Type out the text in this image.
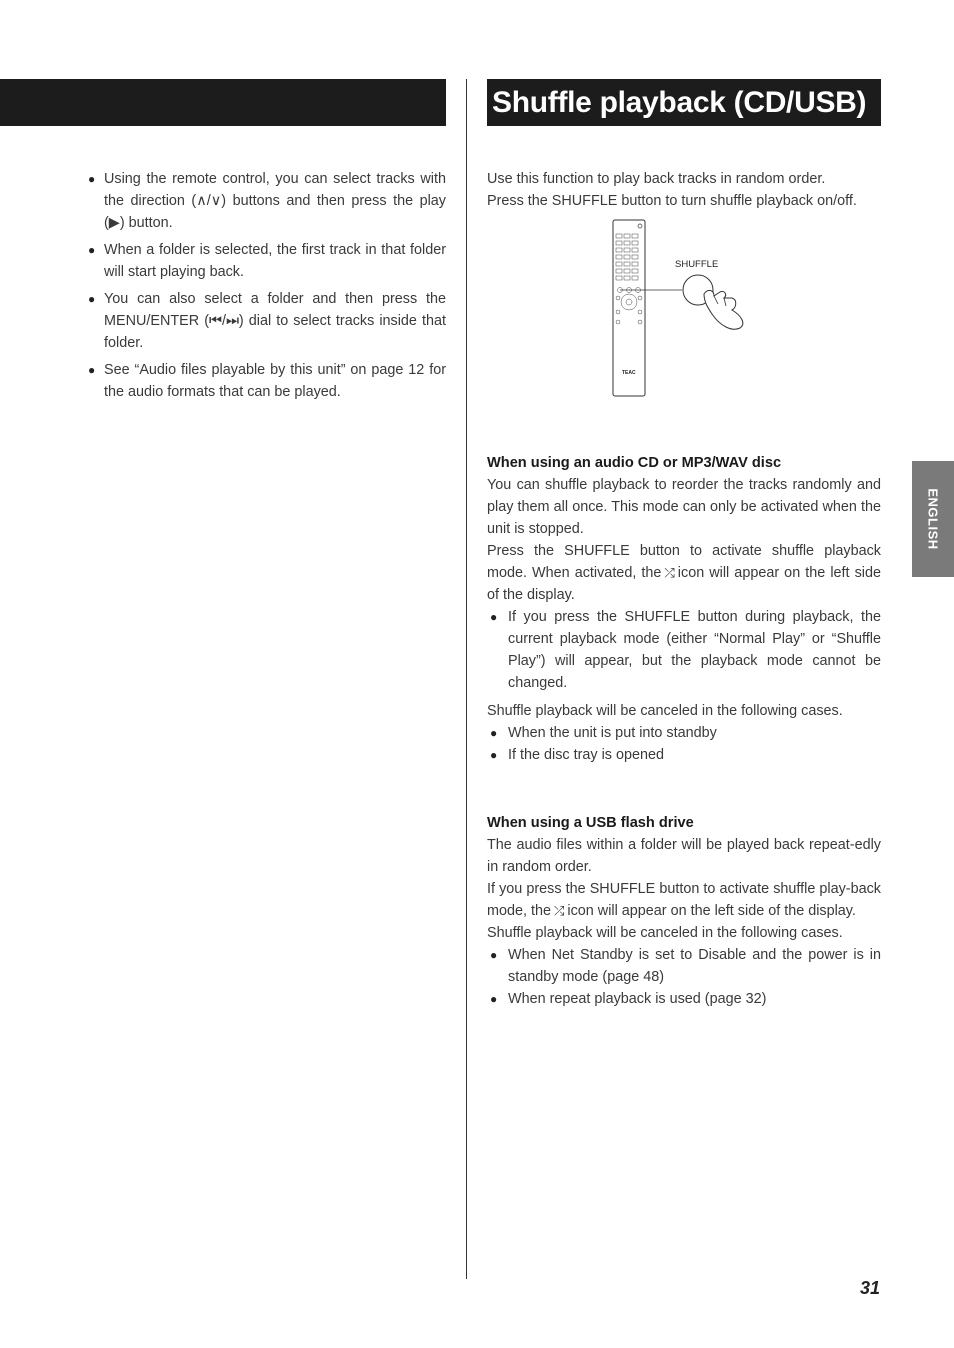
Shuffle playback (CD/USB)
● Using the remote control, you can select tracks with the direction (∧/∨) buttons and then press the play (▶) button.
● When a folder is selected, the first track in that folder will start playing back.
● You can also select a folder and then press the MENU/ENTER (⏮/⏭) dial to select tracks inside that folder.
● See “Audio files playable by this unit” on page 12 for the audio formats that can be played.
Use this function to play back tracks in random order.
Press the SHUFFLE button to turn shuffle playback on/off.
TEAC
SHUFFLE
When using an audio CD or MP3/WAV disc
You can shuffle playback to reorder the tracks randomly and play them all once. This mode can only be activated when the unit is stopped.
Press the SHUFFLE button to activate shuffle playback mode. When activated, the ⤮ icon will appear on the left side of the display.
● If you press the SHUFFLE button during playback, the current playback mode (either “Normal Play” or “Shuffle Play”) will appear, but the playback mode cannot be changed.
Shuffle playback will be canceled in the following cases.
● When the unit is put into standby
● If the disc tray is opened
When using a USB flash drive
The audio files within a folder will be played back repeat-edly in random order.
If you press the SHUFFLE button to activate shuffle play-back mode, the ⤮ icon will appear on the left side of the display.
Shuffle playback will be canceled in the following cases.
● When Net Standby is set to Disable and the power is in standby mode (page 48)
● When repeat playback is used (page 32)
ENGLISH
31
